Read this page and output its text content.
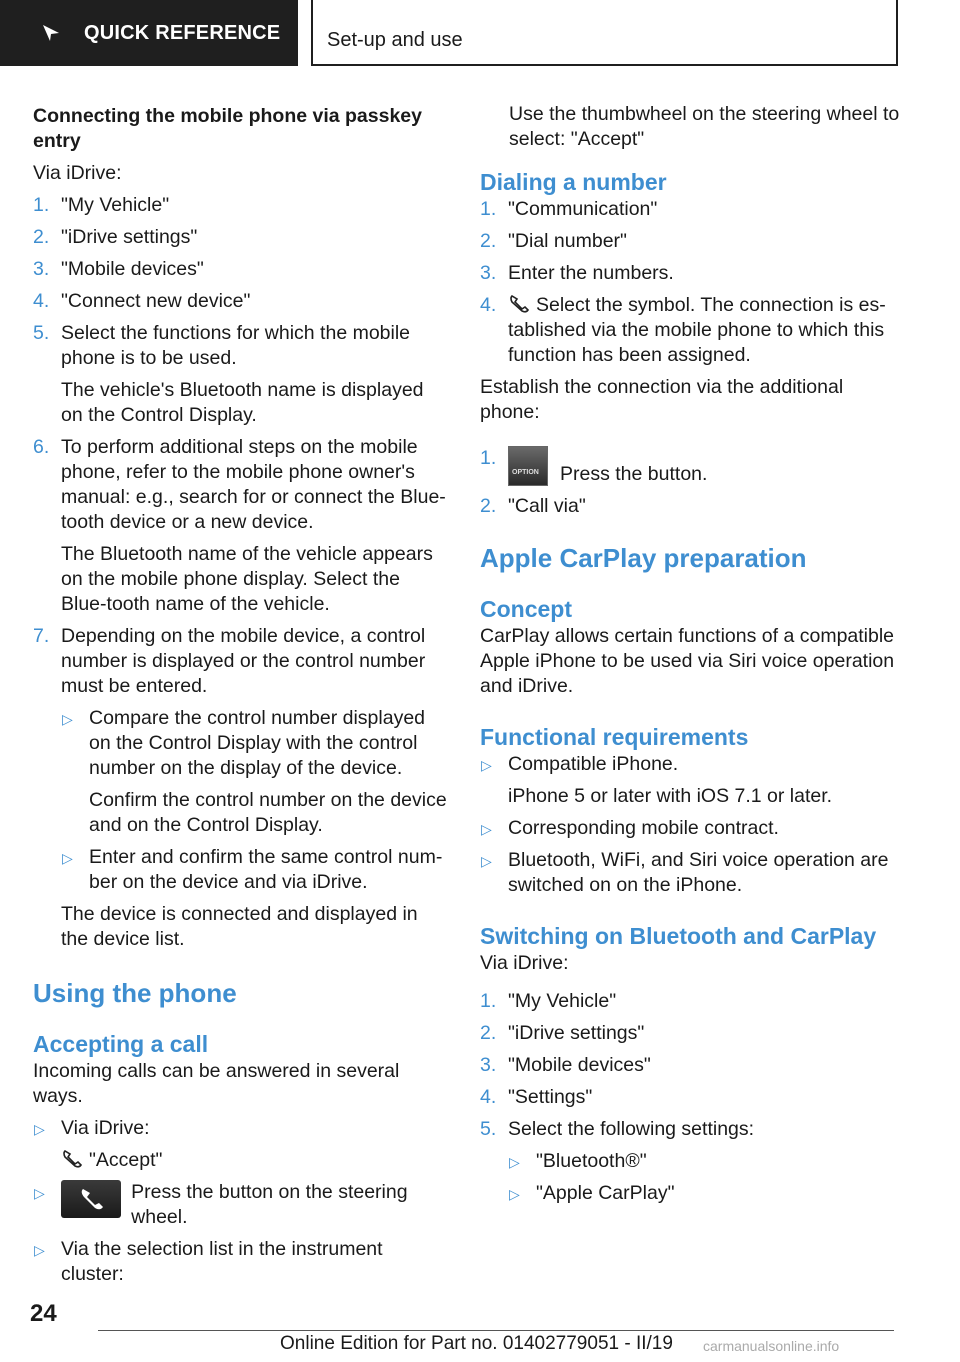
QUICK REFERENCE Set-up and use
Connecting the mobile phone via passkey entry

Via iDrive:

1. "My Vehicle"
2. "iDrive settings"
3. "Mobile devices"
4. "Connect new device"
5. Select the functions for which the mobile phone is to be used.
The vehicle's Bluetooth name is displayed on the Control Display.
6. To perform additional steps on the mobile phone, refer to the mobile phone owner's manual: e.g., search for or connect the Blue-tooth device or a new device.
The Bluetooth name of the vehicle appears on the mobile phone display. Select the Blue-tooth name of the vehicle.
7. Depending on the mobile device, a control number is displayed or the control number must be entered.
▷ Compare the control number displayed on the Control Display with the control number on the display of the device.
Confirm the control number on the device and on the Control Display.
▷ Enter and confirm the same control num-ber on the device and via iDrive.
The device is connected and displayed in the device list.
Using the phone
Accepting a call

Incoming calls can be answered in several ways.

▷ Via iDrive:
"Accept"
▷	Press the button on the steering wheel.
▷ Via the selection list in the instrument cluster:

Use the thumbwheel on the steering wheel to select: "Accept"

Dialing a number
1. "Communication"
2. "Dial number"
3. Enter the numbers.
4. Select the symbol. The connection is es-tablished via the mobile phone to which this function has been assigned.

Establish the connection via the additional phone:

1.
OPTION Press the button.
2. "Call via"
Apple CarPlay preparation
Concept

CarPlay allows certain functions of a compatible Apple iPhone to be used via Siri voice operation and iDrive.

Functional requirements
▷ Compatible iPhone.
iPhone 5 or later with iOS 7.1 or later.
▷ Corresponding mobile contract.
▷ Bluetooth, WiFi, and Siri voice operation are switched on on the iPhone.
Switching on Bluetooth and CarPlay

Via iDrive:

1. "My Vehicle"
2. "iDrive settings"
3. "Mobile devices"
4. "Settings"
5. Select the following settings:
▷ "Bluetooth®"
▷ "Apple CarPlay"
24
Online Edition for Part no. 01402779051 - II/19 carmanualsonline.info
